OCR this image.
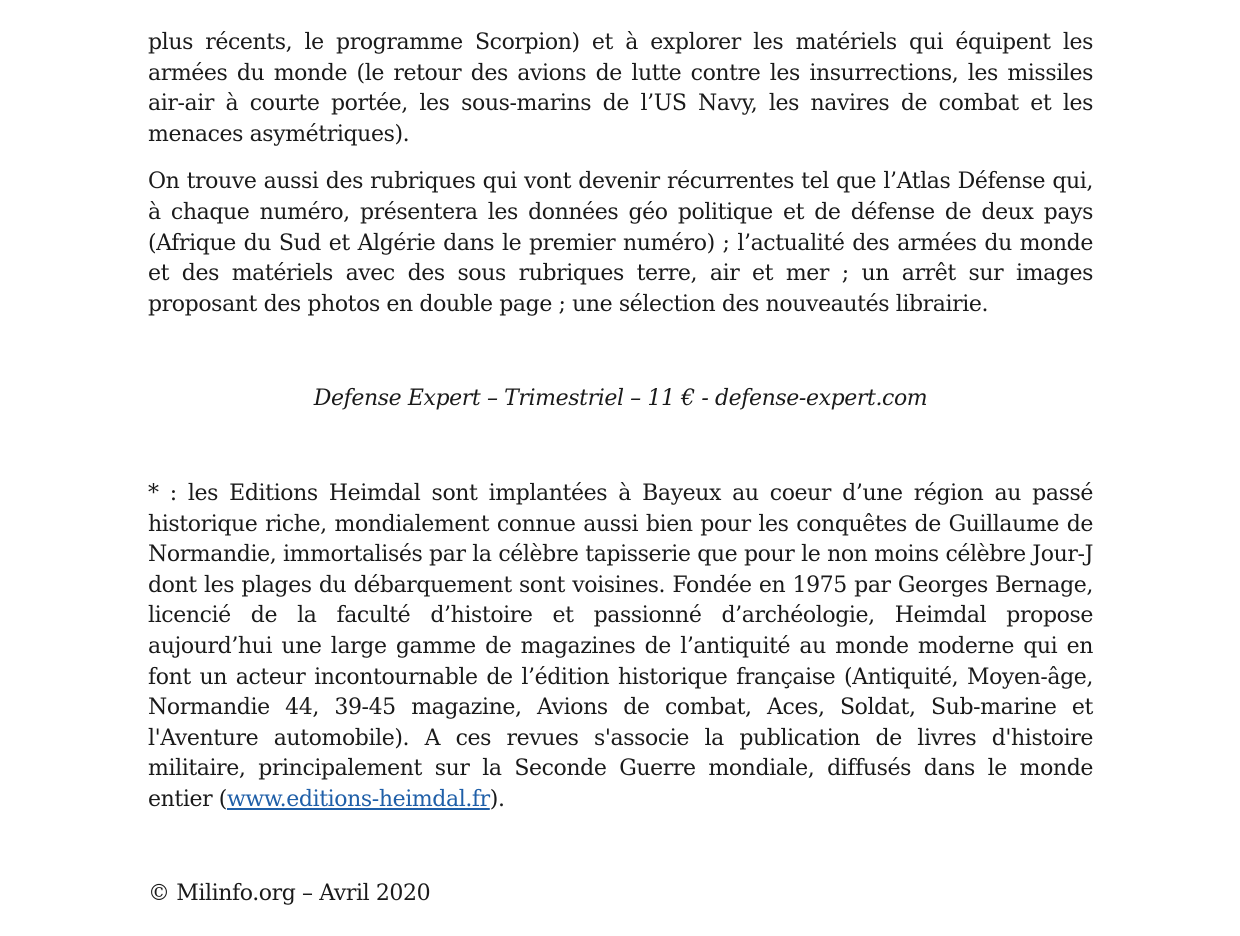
plus récents, le programme Scorpion) et à explorer les matériels qui équipent les armées du monde (le retour des avions de lutte contre les insurrections, les missiles air-air à courte portée, les sous-marins de l’US Navy, les navires de combat et les menaces asymétriques).

On trouve aussi des rubriques qui vont devenir récurrentes tel que l’Atlas Défense qui, à chaque numéro, présentera les données géo politique et de défense de deux pays (Afrique du Sud et Algérie dans le premier numéro) ; l’actualité des armées du monde et des matériels avec des sous rubriques terre, air et mer ; un arrêt sur images proposant des photos en double page ; une sélection des nouveautés librairie.

Defense Expert – Trimestriel – 11 € - defense-expert.com

* : les Editions Heimdal sont implantées à Bayeux au coeur d’une région au passé historique riche, mondialement connue aussi bien pour les conquêtes de Guillaume de Normandie, immortalisés par la célèbre tapisserie que pour le non moins célèbre Jour-J dont les plages du débarquement sont voisines. Fondée en 1975 par Georges Bernage, licencié de la faculté d’histoire et passionné d’archéologie, Heimdal propose aujourd’hui une large gamme de magazines de l’antiquité au monde moderne qui en font un acteur incontournable de l’édition historique française (Antiquité, Moyen-âge, Normandie 44, 39-45 magazine, Avions de combat, Aces, Soldat, Sub-marine et l'Aventure automobile). A ces revues s'associe la publication de livres d'histoire militaire, principalement sur la Seconde Guerre mondiale, diffusés dans le monde entier (www.editions-heimdal.fr).

© Milinfo.org – Avril 2020
